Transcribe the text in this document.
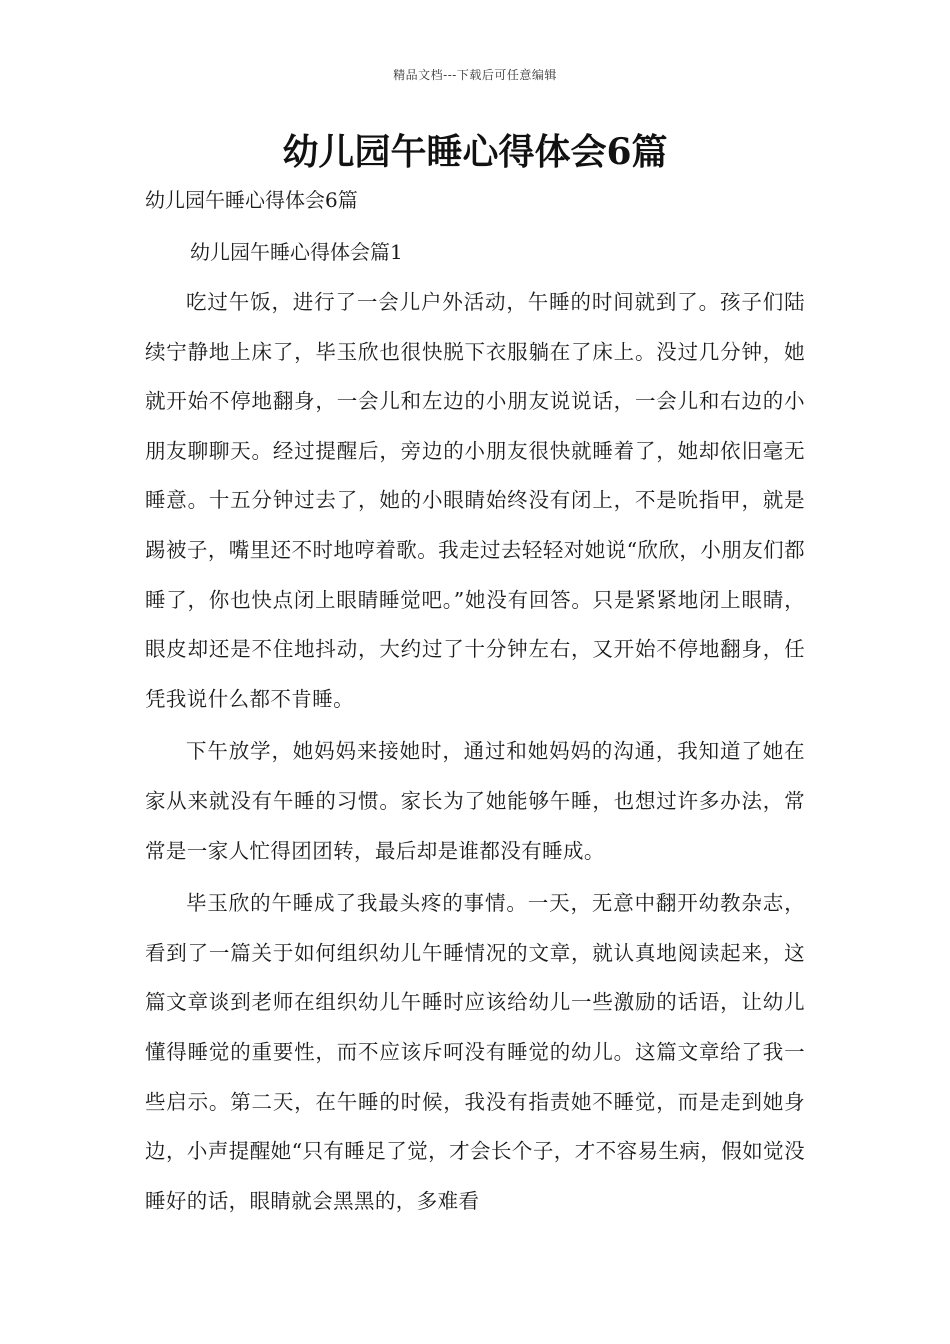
精品文档---下载后可任意编辑
幼儿园午睡心得体会6篇
幼儿园午睡心得体会6篇
幼儿园午睡心得体会篇1

吃过午饭，进行了一会儿户外活动，午睡的时间就到了。孩子们陆续宁静地上床了，毕玉欣也很快脱下衣服躺在了床上。没过几分钟，她就开始不停地翻身，一会儿和左边的小朋友说说话，一会儿和右边的小朋友聊聊天。经过提醒后，旁边的小朋友很快就睡着了，她却依旧毫无睡意。十五分钟过去了，她的小眼睛始终没有闭上，不是吮指甲，就是踢被子，嘴里还不时地哼着歌。我走过去轻轻对她说“欣欣，小朋友们都睡了，你也快点闭上眼睛睡觉吧。”她没有回答。只是紧紧地闭上眼睛，眼皮却还是不住地抖动，大约过了十分钟左右，又开始不停地翻身，任凭我说什么都不肯睡。

下午放学，她妈妈来接她时，通过和她妈妈的沟通，我知道了她在家从来就没有午睡的习惯。家长为了她能够午睡，也想过许多办法，常常是一家人忙得团团转，最后却是谁都没有睡成。

毕玉欣的午睡成了我最头疼的事情。一天，无意中翻开幼教杂志，看到了一篇关于如何组织幼儿午睡情况的文章，就认真地阅读起来，这篇文章谈到老师在组织幼儿午睡时应该给幼儿一些激励的话语，让幼儿懂得睡觉的重要性，而不应该斥呵没有睡觉的幼儿。这篇文章给了我一些启示。第二天，在午睡的时候，我没有指责她不睡觉，而是走到她身边，小声提醒她“只有睡足了觉，才会长个子，才不容易生病，假如觉没睡好的话，眼睛就会黑黑的，多难看
